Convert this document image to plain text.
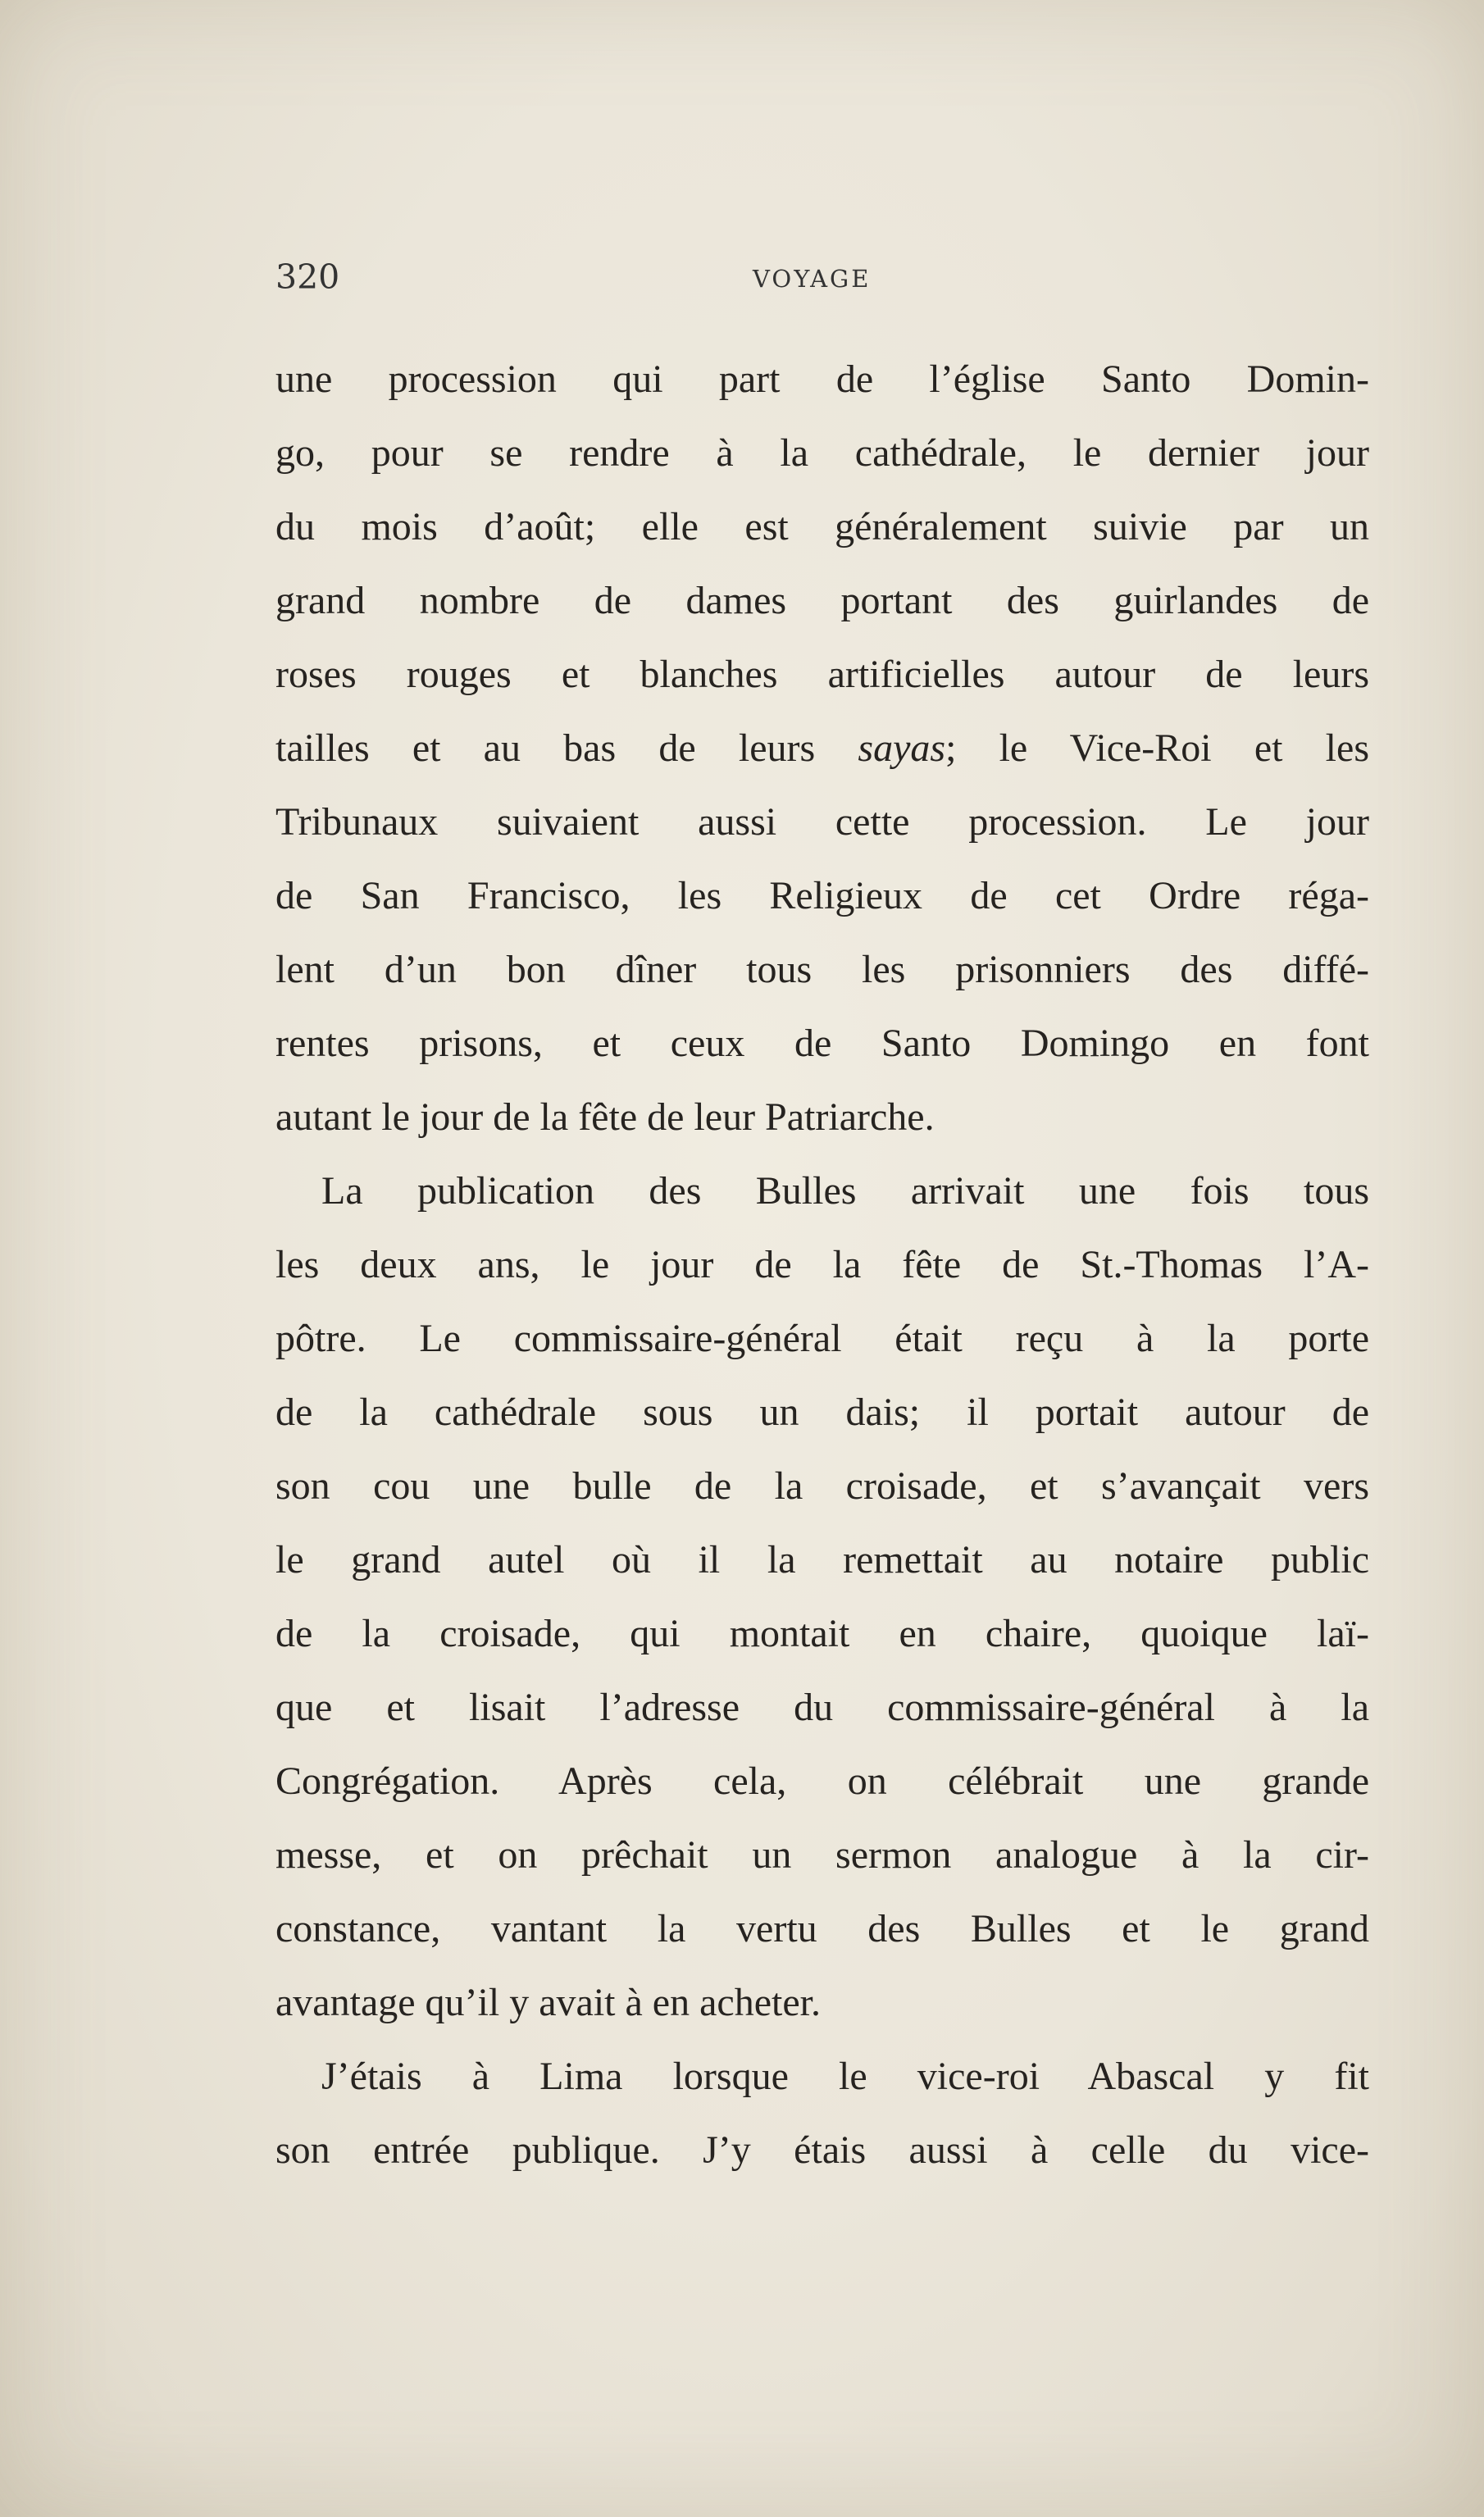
320	VOYAGE
une procession qui part de l’église Santo Domin-
go, pour se rendre à la cathédrale, le dernier jour
du mois d’août; elle est généralement suivie par un
grand nombre de dames portant des guirlandes de
roses rouges et blanches artificielles autour de leurs
tailles et au bas de leurs sayas; le Vice-Roi et les
Tribunaux suivaient aussi cette procession. Le jour
de San Francisco, les Religieux de cet Ordre réga-
lent d’un bon dîner tous les prisonniers des diffé-
rentes prisons, et ceux de Santo Domingo en font
autant le jour de la fête de leur Patriarche.
La publication des Bulles arrivait une fois tous
les deux ans, le jour de la fête de St.-Thomas l’A-
pôtre. Le commissaire-général était reçu à la porte
de la cathédrale sous un dais; il portait autour de
son cou une bulle de la croisade, et s’avançait vers
le grand autel où il la remettait au notaire public
de la croisade, qui montait en chaire, quoique laï-
que et lisait l’adresse du commissaire-général à la
Congrégation. Après cela, on célébrait une grande
messe, et on prêchait un sermon analogue à la cir-
constance, vantant la vertu des Bulles et le grand
avantage qu’il y avait à en acheter.
J’étais à Lima lorsque le vice-roi Abascal y fit
son entrée publique. J’y étais aussi à celle du vice-
